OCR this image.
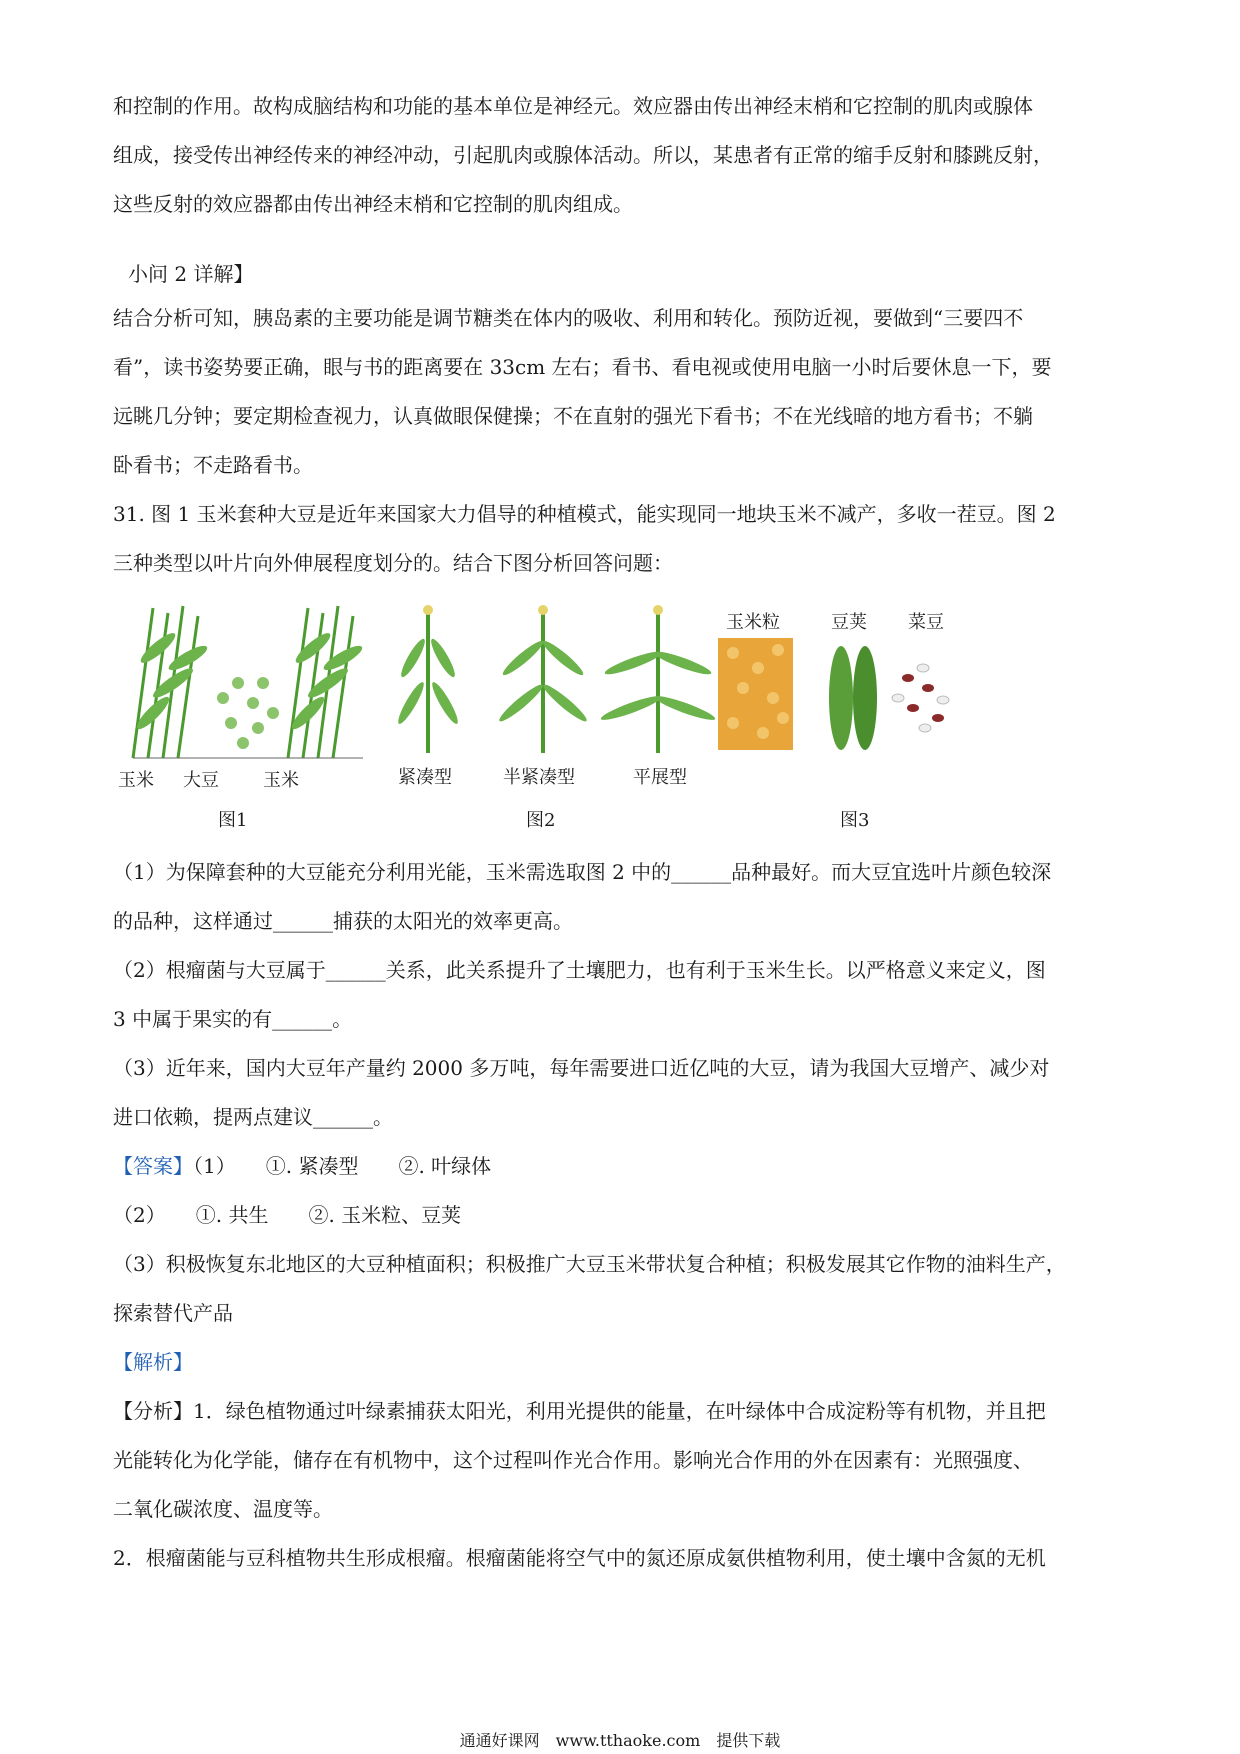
和控制的作用。故构成脑结构和功能的基本单位是神经元。效应器由传出神经末梢和它控制的肌肉或腺体
组成，接受传出神经传来的神经冲动，引起肌肉或腺体活动。所以，某患者有正常的缩手反射和膝跳反射，
这些反射的效应器都由传出神经末梢和它控制的肌肉组成。
小问 2 详解】
结合分析可知，胰岛素的主要功能是调节糖类在体内的吸收、利用和转化。预防近视，要做到“三要四不
看”，读书姿势要正确，眼与书的距离要在 33cm 左右；看书、看电视或使用电脑一小时后要休息一下，要
远眺几分钟；要定期检查视力，认真做眼保健操；不在直射的强光下看书；不在光线暗的地方看书；不躺
卧看书；不走路看书。
31. 图 1 玉米套种大豆是近年来国家大力倡导的种植模式，能实现同一地块玉米不减产，多收一茬豆。图 2
三种类型以叶片向外伸展程度划分的。结合下图分析回答问题：
玉米 大豆 玉米
图1
紧凑型	半紧凑型	平展型
图2
玉米粒	豆荚 菜豆
图3
（1）为保障套种的大豆能充分利用光能，玉米需选取图 2 中的______品种最好。而大豆宜选叶片颜色较深
的品种，这样通过______捕获的太阳光的效率更高。
（2）根瘤菌与大豆属于______关系，此关系提升了土壤肥力，也有利于玉米生长。以严格意义来定义，图
3 中属于果实的有______。
（3）近年来，国内大豆年产量约 2000 多万吨，每年需要进口近亿吨的大豆，请为我国大豆增产、减少对
进口依赖，提两点建议______。
【答案】（1）　　①. 紧凑型　　②. 叶绿体
（2）　　①. 共生　　②. 玉米粒、豆荚
（3）积极恢复东北地区的大豆种植面积；积极推广大豆玉米带状复合种植；积极发展其它作物的油料生产，
探索替代产品
【解析】
【分析】1．绿色植物通过叶绿素捕获太阳光，利用光提供的能量，在叶绿体中合成淀粉等有机物，并且把
光能转化为化学能，储存在有机物中，这个过程叫作光合作用。影响光合作用的外在因素有：光照强度、
二氧化碳浓度、温度等。
2．根瘤菌能与豆科植物共生形成根瘤。根瘤菌能将空气中的氮还原成氨供植物利用，使土壤中含氮的无机
通通好课网　www.tthaoke.com　提供下载
